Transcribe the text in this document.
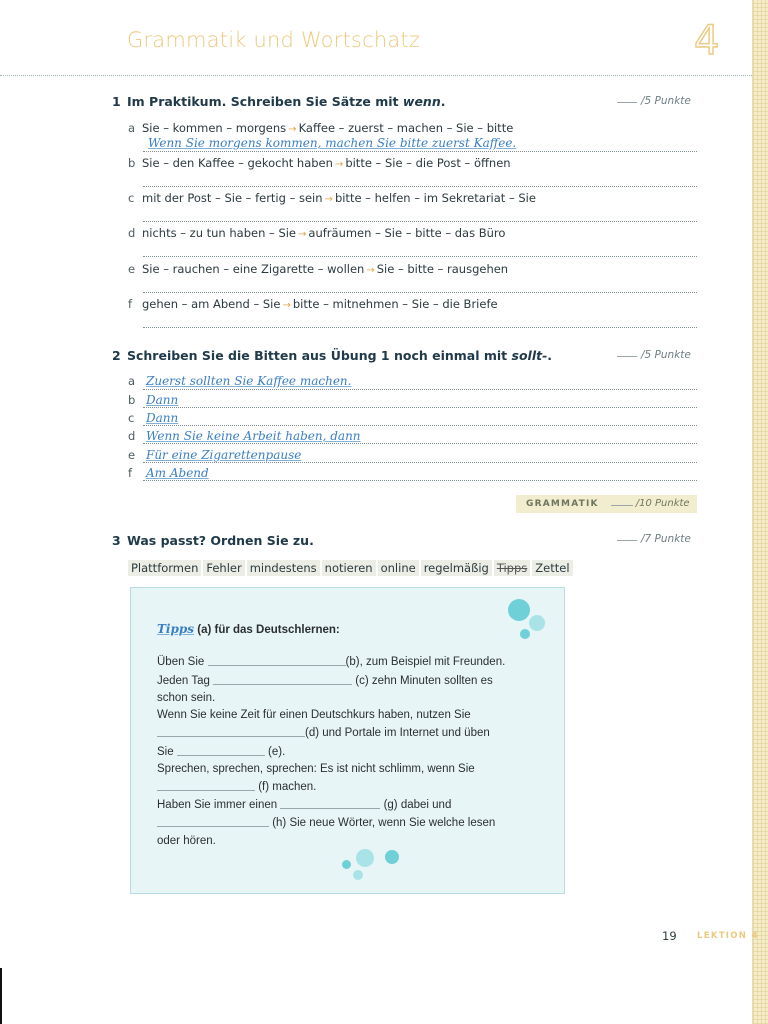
Grammatik und Wortschatz	4
1 Im Praktikum. Schreiben Sie Sätze mit wenn.	/5 Punkte
a Sie – kommen – morgens → Kaffee – zuerst – machen – Sie – bitte
Wenn Sie morgens kommen, machen Sie bitte zuerst Kaffee.
b Sie – den Kaffee – gekocht haben → bitte – Sie – die Post – öffnen
c mit der Post – Sie – fertig – sein → bitte – helfen – im Sekretariat – Sie
d nichts – zu tun haben – Sie → aufräumen – Sie – bitte – das Büro
e Sie – rauchen – eine Zigarette – wollen → Sie – bitte – rausgehen
f gehen – am Abend – Sie → bitte – mitnehmen – Sie – die Briefe
2 Schreiben Sie die Bitten aus Übung 1 noch einmal mit sollt-.	/5 Punkte
a Zuerst sollten Sie Kaffee machen.
b Dann
c Dann
d Wenn Sie keine Arbeit haben, dann
e Für eine Zigarettenpause
f Am Abend
GRAMMATIK	/10 Punkte
3 Was passt? Ordnen Sie zu.	/7 Punkte
Plattformen Fehler mindestens notieren online regelmäßig Tipps Zettel
Tipps (a) für das Deutschlernen:
Üben Sie	(b), zum Beispiel mit Freunden.
Jeden Tag	(c) zehn Minuten sollten es
schon sein.
Wenn Sie keine Zeit für einen Deutschkurs haben, nutzen Sie
(d) und Portale im Internet und üben
Sie	(e).
Sprechen, sprechen, sprechen: Es ist nicht schlimm, wenn Sie
(f) machen.
Haben Sie immer einen	(g) dabei und
(h) Sie neue Wörter, wenn Sie welche lesen
oder hören.
19 LEKTION 4
